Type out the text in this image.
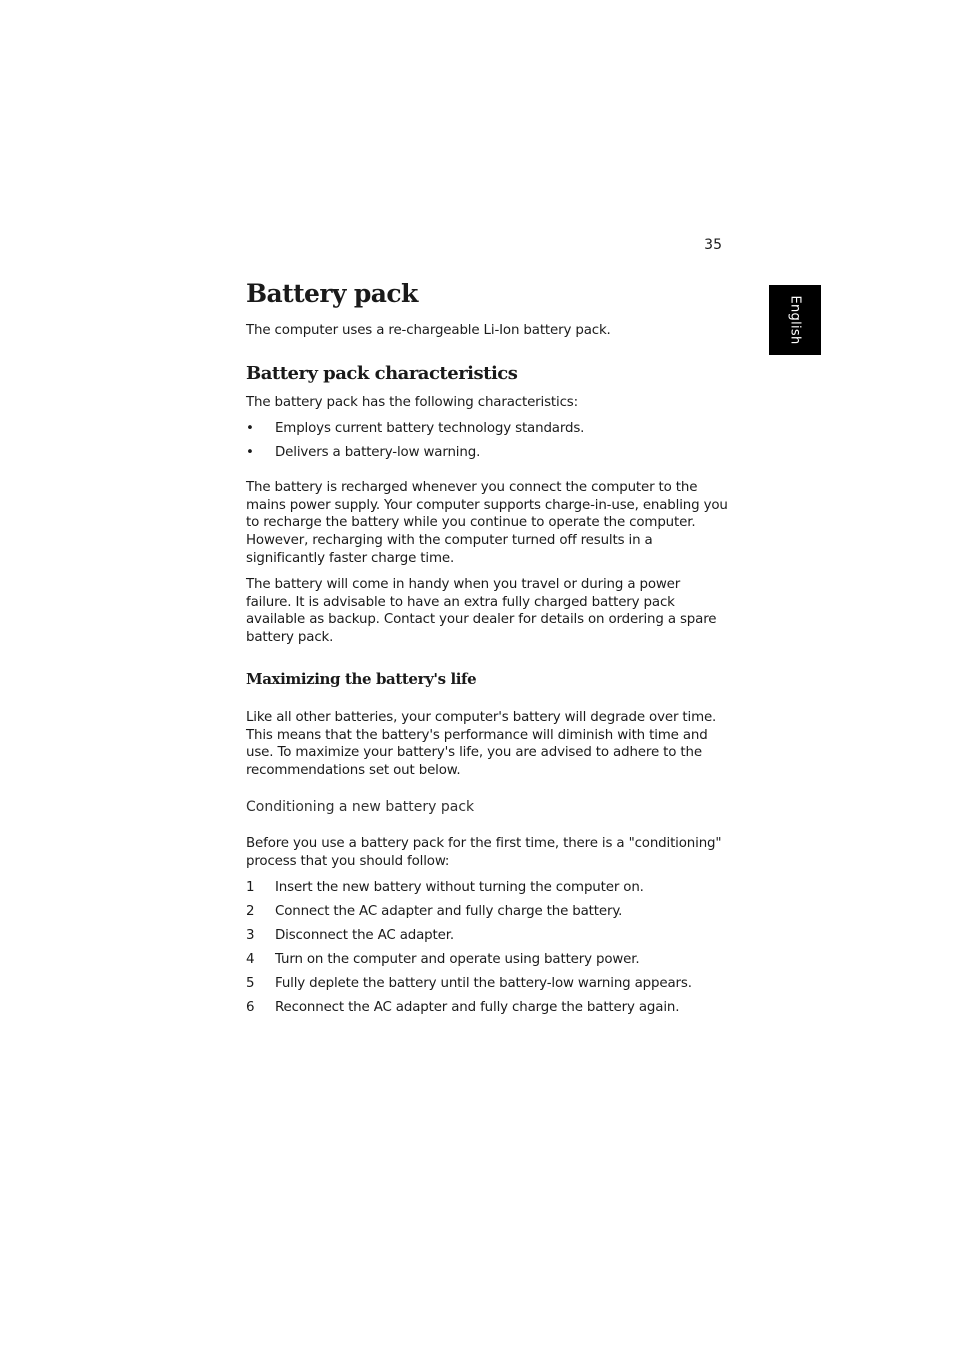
35
English
Battery pack

The computer uses a re-chargeable Li-Ion battery pack.

Battery pack characteristics

The battery pack has the following characteristics:

• Employs current battery technology standards.
• Delivers a battery-low warning.

The battery is recharged whenever you connect the computer to the mains power supply. Your computer supports charge-in-use, enabling you to recharge the battery while you continue to operate the computer. However, recharging with the computer turned off results in a significantly faster charge time.

The battery will come in handy when you travel or during a power failure. It is advisable to have an extra fully charged battery pack available as backup. Contact your dealer for details on ordering a spare battery pack.

Maximizing the battery's life

Like all other batteries, your computer's battery will degrade over time. This means that the battery's performance will diminish with time and use. To maximize your battery's life, you are advised to adhere to the recommendations set out below.

Conditioning a new battery pack

Before you use a battery pack for the first time, there is a "conditioning" process that you should follow:

1 Insert the new battery without turning the computer on.
2 Connect the AC adapter and fully charge the battery.
3 Disconnect the AC adapter.
4 Turn on the computer and operate using battery power.
5 Fully deplete the battery until the battery-low warning appears.
6 Reconnect the AC adapter and fully charge the battery again.
